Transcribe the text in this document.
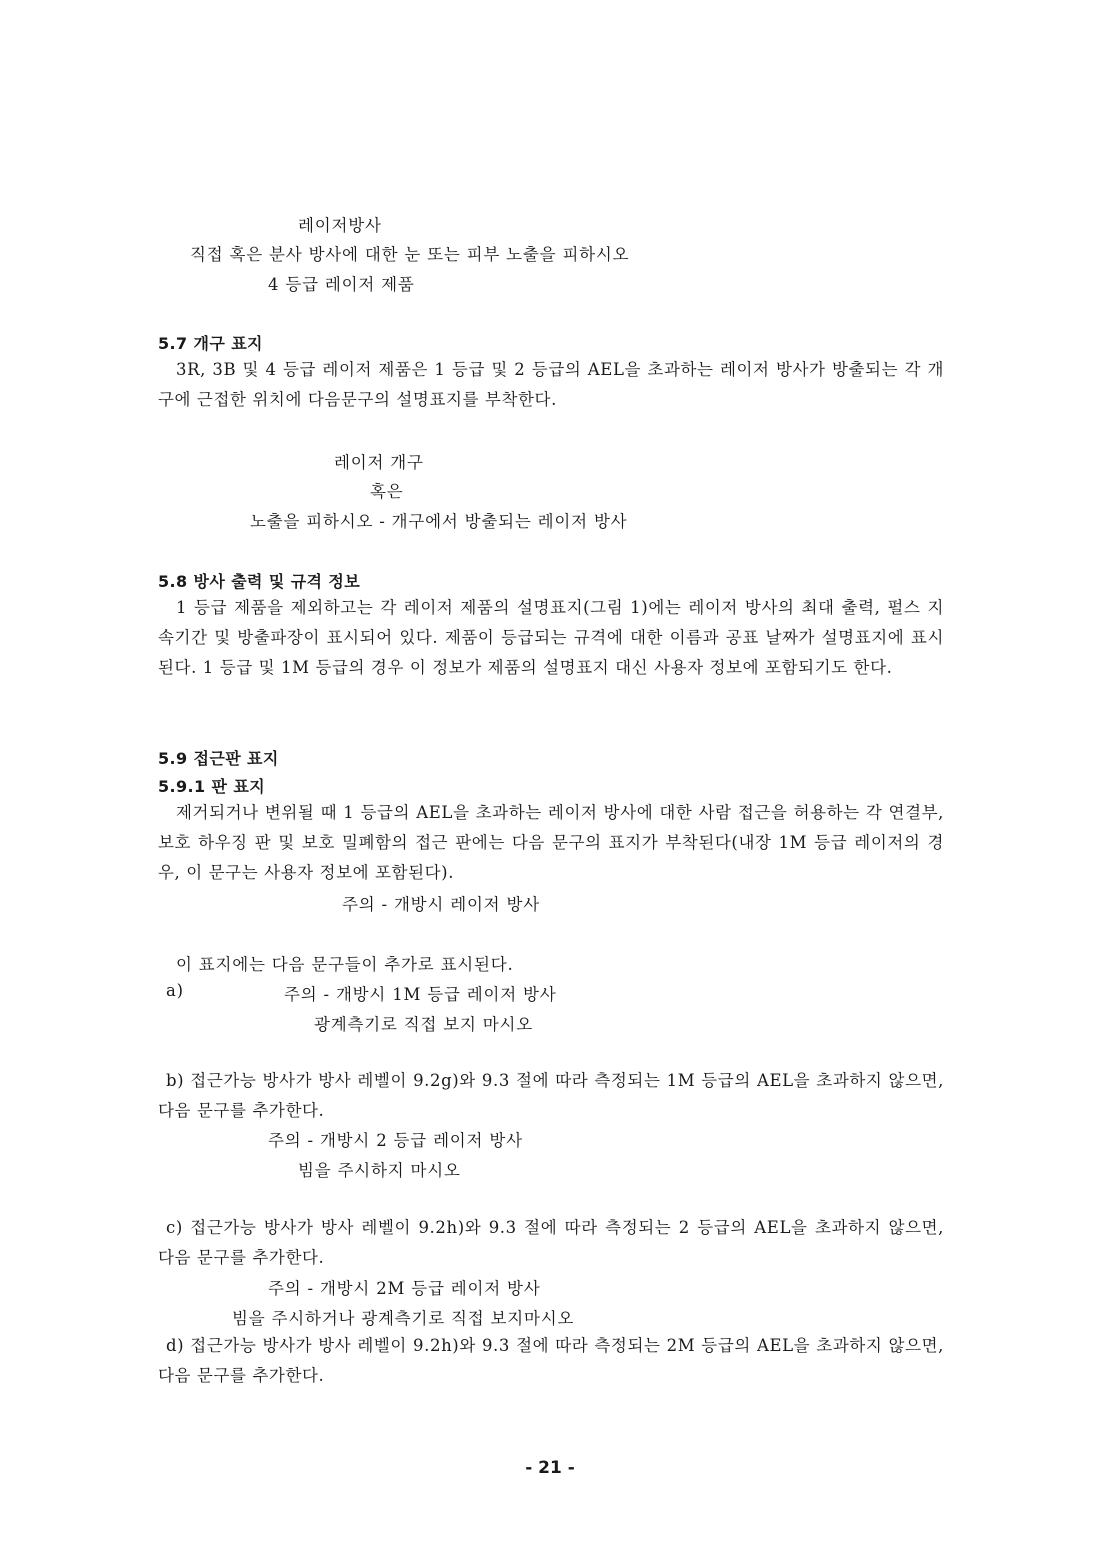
레이저방사
직접 혹은 분사 방사에 대한 눈 또는 피부 노출을 피하시오
4 등급 레이저 제품
5.7 개구 표지
3R, 3B 및 4 등급 레이저 제품은 1 등급 및 2 등급의 AEL을 초과하는 레이저 방사가 방출되는 각 개구에 근접한 위치에 다음문구의 설명표지를 부착한다.
레이저 개구
혹은
노출을 피하시오 - 개구에서 방출되는 레이저 방사
5.8 방사 출력 및 규격 정보
1 등급 제품을 제외하고는 각 레이저 제품의 설명표지(그림 1)에는 레이저 방사의 최대 출력, 펄스 지속기간 및 방출파장이 표시되어 있다. 제품이 등급되는 규격에 대한 이름과 공표 날짜가 설명표지에 표시된다. 1 등급 및 1M 등급의 경우 이 정보가 제품의 설명표지 대신 사용자 정보에 포함되기도 한다.
5.9 접근판 표지
5.9.1 판 표지
제거되거나 변위될 때 1 등급의 AEL을 초과하는 레이저 방사에 대한 사람 접근을 허용하는 각 연결부, 보호 하우징 판 및 보호 밀폐함의 접근 판에는 다음 문구의 표지가 부착된다(내장 1M 등급 레이저의 경우, 이 문구는 사용자 정보에 포함된다).
주의 - 개방시 레이저 방사
이 표지에는 다음 문구들이 추가로 표시된다.
a)	주의 - 개방시 1M 등급 레이저 방사
광계측기로 직접 보지 마시오
b) 접근가능 방사가 방사 레벨이 9.2g)와 9.3 절에 따라 측정되는 1M 등급의 AEL을 초과하지 않으면, 다음 문구를 추가한다.
주의 - 개방시 2 등급 레이저 방사
빔을 주시하지 마시오
c) 접근가능 방사가 방사 레벨이 9.2h)와 9.3 절에 따라 측정되는 2 등급의 AEL을 초과하지 않으면, 다음 문구를 추가한다.
주의 - 개방시 2M 등급 레이저 방사
빔을 주시하거나 광계측기로 직접 보지마시오
d) 접근가능 방사가 방사 레벨이 9.2h)와 9.3 절에 따라 측정되는 2M 등급의 AEL을 초과하지 않으면, 다음 문구를 추가한다.
- 21 -
